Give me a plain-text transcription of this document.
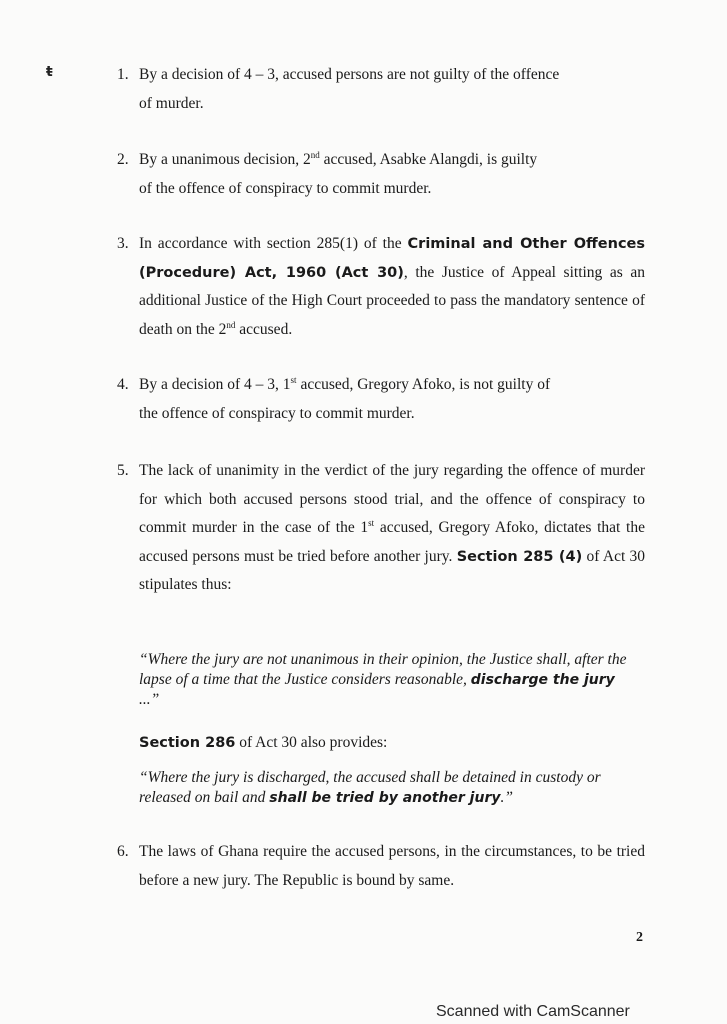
ŧ	1. By a decision of 4 – 3, accused persons are not guilty of the offence
of murder.
2. By a unanimous decision, 2nd accused, Asabke Alangdi, is guilty
of the offence of conspiracy to commit murder.
3. In accordance with section 285(1) of the Criminal and Other Offences (Procedure) Act, 1960 (Act 30), the Justice of Appeal sitting as an additional Justice of the High Court proceeded to pass the mandatory sentence of death on the 2nd accused.
4. By a decision of 4 – 3, 1st accused, Gregory Afoko, is not guilty of
the offence of conspiracy to commit murder.
5. The lack of unanimity in the verdict of the jury regarding the offence of murder for which both accused persons stood trial, and the offence of conspiracy to commit murder in the case of the 1st accused, Gregory Afoko, dictates that the accused persons must be tried before another jury. Section 285 (4) of Act 30 stipulates thus:
“Where the jury are not unanimous in their opinion, the Justice shall, after the lapse of a time that the Justice considers reasonable, discharge the jury ...”
Section 286 of Act 30 also provides:
“Where the jury is discharged, the accused shall be detained in custody or released on bail and shall be tried by another jury.”
6. The laws of Ghana require the accused persons, in the circumstances, to be tried before a new jury. The Republic is bound by same.
2
Scanned with CamScanner
